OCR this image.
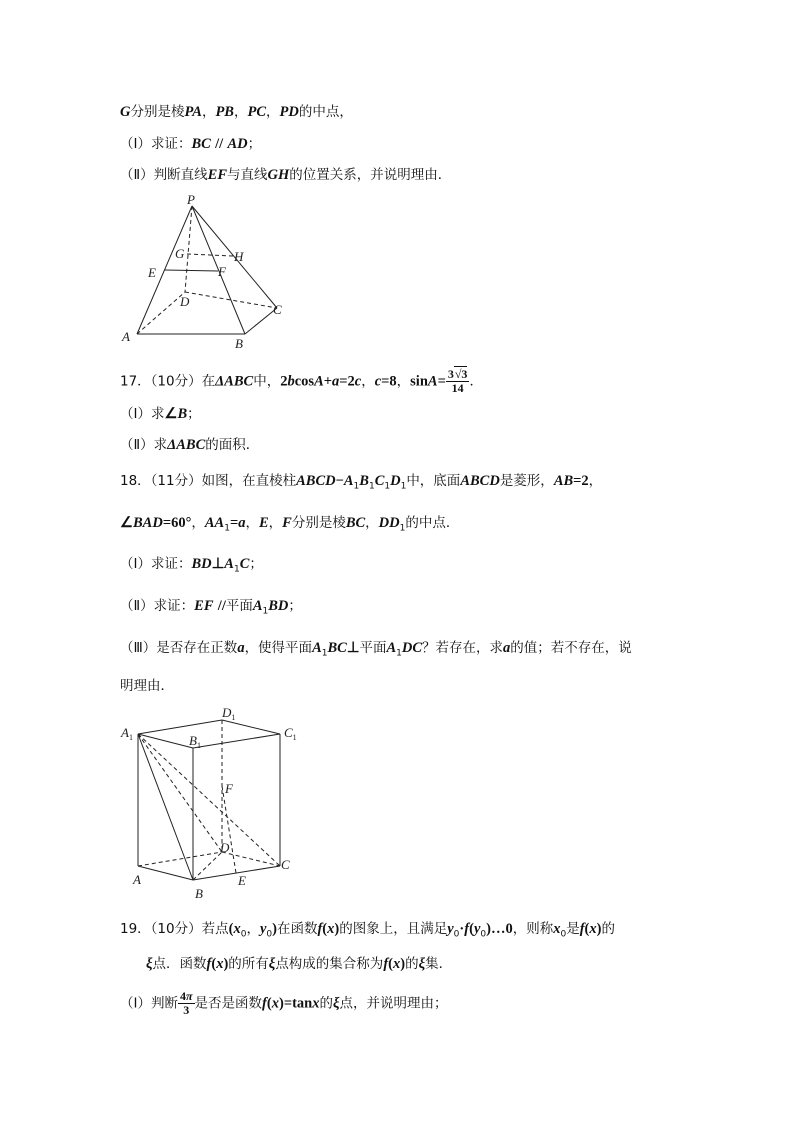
G分别是棱PA，PB，PC，PD的中点，
（Ⅰ）求证：BC // AD；
（Ⅱ）判断直线EF与直线GH的位置关系，并说明理由．
P
G	H
E	F
D
C
A	B
17．（10分）在ΔABC中，2bcosA+a=2c，c=8，$\sin A= \frac{3√3}{14}$ ．
（Ⅰ）求∠B；
（Ⅱ）求ΔABC的面积．
18．（11分）如图，在直棱柱$ABCD-A_1B_1C_1D_1$中，底面ABCD是菱形，AB=2，
∠BAD=60°，$AA_1=a$，E，F分别是棱BC，$DD_1$的中点．
（Ⅰ）求证：$BD\perp A_1C$；
（Ⅱ）求证：EF //平面$A_1BD$；
（Ⅲ）是否存在正数a，使得平面$A_1BC\perp$平面$A_1DC$？若存在，求a的值；若不存在，说
明理由．
$D_1$
$A_1$	$B_1$
$C_1$
F
D
C
A	E
B
19．（10分）若点($x_0$，$y_0$)在函数f(x)的图象上，且满足$y_0\cdot f(y_0)\dots 0$，则称$x_0$是f(x)的
ξ点．函数f(x)的所有ξ点构成的集合称为f(x)的ξ集．
（Ⅰ）判断 $\frac{4\pi}{3}$ 是否是函数f(x)=tanx的ξ点，并说明理由；
